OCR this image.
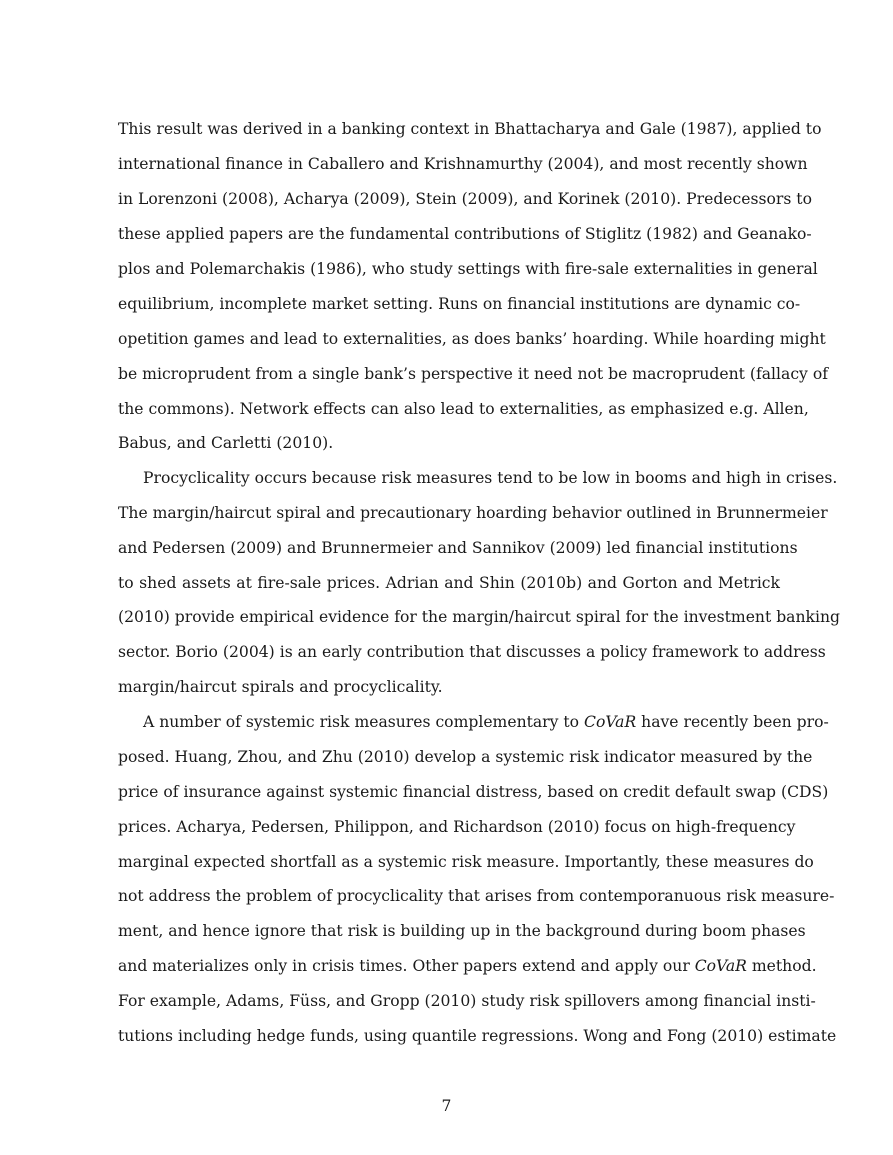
This result was derived in a banking context in Bhattacharya and Gale (1987), applied to
international finance in Caballero and Krishnamurthy (2004), and most recently shown
in Lorenzoni (2008), Acharya (2009), Stein (2009), and Korinek (2010). Predecessors to
these applied papers are the fundamental contributions of Stiglitz (1982) and Geanako-
plos and Polemarchakis (1986), who study settings with fire-sale externalities in general
equilibrium, incomplete market setting. Runs on financial institutions are dynamic co-
opetition games and lead to externalities, as does banks’ hoarding. While hoarding might
be microprudent from a single bank’s perspective it need not be macroprudent (fallacy of
the commons). Network effects can also lead to externalities, as emphasized e.g. Allen,
Babus, and Carletti (2010).
Procyclicality occurs because risk measures tend to be low in booms and high in crises.
The margin/haircut spiral and precautionary hoarding behavior outlined in Brunnermeier
and Pedersen (2009) and Brunnermeier and Sannikov (2009) led financial institutions
to shed assets at fire-sale prices. Adrian and Shin (2010b) and Gorton and Metrick
(2010) provide empirical evidence for the margin/haircut spiral for the investment banking
sector. Borio (2004) is an early contribution that discusses a policy framework to address
margin/haircut spirals and procyclicality.
A number of systemic risk measures complementary to CoVaR have recently been pro-
posed. Huang, Zhou, and Zhu (2010) develop a systemic risk indicator measured by the
price of insurance against systemic financial distress, based on credit default swap (CDS)
prices. Acharya, Pedersen, Philippon, and Richardson (2010) focus on high-frequency
marginal expected shortfall as a systemic risk measure. Importantly, these measures do
not address the problem of procyclicality that arises from contemporanuous risk measure-
ment, and hence ignore that risk is building up in the background during boom phases
and materializes only in crisis times. Other papers extend and apply our CoVaR method.
For example, Adams, Füss, and Gropp (2010) study risk spillovers among financial insti-
tutions including hedge funds, using quantile regressions. Wong and Fong (2010) estimate
7
